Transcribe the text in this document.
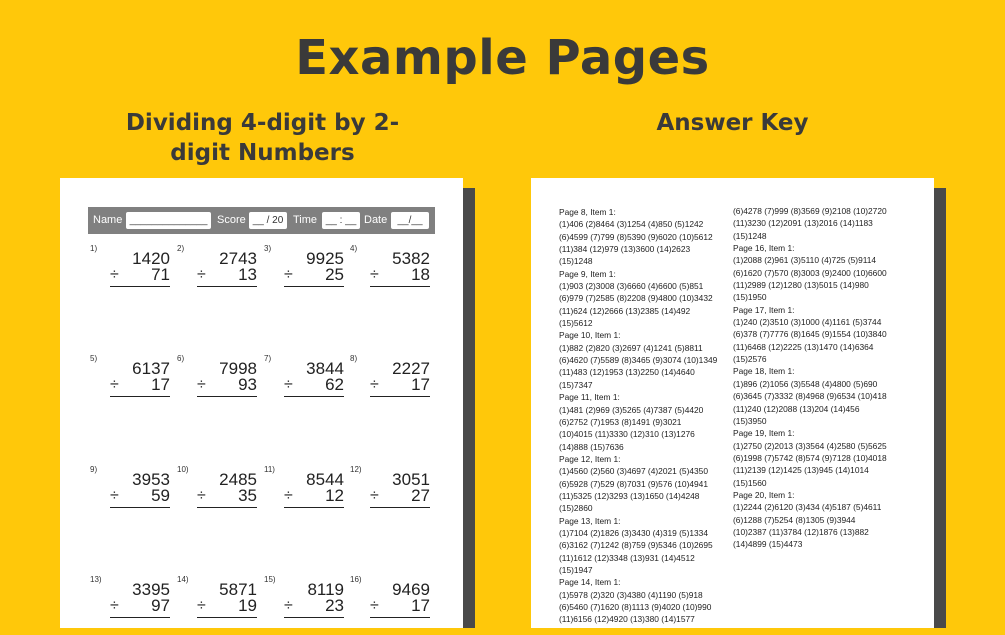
Example Pages
Dividing 4-digit by 2-digit Numbers
Answer Key
Name ______________ Score __ / 20 Time __ : __ Date	__/__
1)
1420
÷ 71
2)
2743
÷ 13
3)
9925
÷ 25
4)
5382
÷ 18
5)
6137
÷ 17
6)
7998
÷ 93
7)
3844
÷ 62
8)
2227
÷ 17
9)
3953
÷ 59
10)
2485
÷ 35
11)
8544
÷ 12
12)
3051
÷ 27
13)
3395
÷ 97
14)
5871
÷ 19
15)
8119
÷ 23
16)
9469
÷ 17
Page 8, Item 1:
(1)406 (2)8464 (3)1254 (4)850 (5)1242
(6)4599 (7)799 (8)5390 (9)6020 (10)5612
(11)384 (12)979 (13)3600 (14)2623
(15)1248
Page 9, Item 1:
(1)903 (2)3008 (3)6660 (4)6600 (5)851
(6)979 (7)2585 (8)2208 (9)4800 (10)3432
(11)624 (12)2666 (13)2385 (14)492
(15)5612
Page 10, Item 1:
(1)882 (2)820 (3)2697 (4)1241 (5)8811
(6)4620 (7)5589 (8)3465 (9)3074 (10)1349
(11)483 (12)1953 (13)2250 (14)4640
(15)7347
Page 11, Item 1:
(1)481 (2)969 (3)5265 (4)7387 (5)4420
(6)2752 (7)1953 (8)1491 (9)3021
(10)4015 (11)3330 (12)310 (13)1276
(14)888 (15)7636
Page 12, Item 1:
(1)4560 (2)560 (3)4697 (4)2021 (5)4350
(6)5928 (7)529 (8)7031 (9)576 (10)4941
(11)5325 (12)3293 (13)1650 (14)4248
(15)2860
Page 13, Item 1:
(1)7104 (2)1826 (3)3430 (4)319 (5)1334
(6)3162 (7)1242 (8)759 (9)5346 (10)2695
(11)1612 (12)3348 (13)931 (14)4512
(15)1947
Page 14, Item 1:
(1)5978 (2)320 (3)4380 (4)1190 (5)918
(6)5460 (7)1620 (8)1113 (9)4020 (10)990
(11)6156 (12)4920 (13)380 (14)1577
(6)4278 (7)999 (8)3569 (9)2108 (10)2720
(11)3230 (12)2091 (13)2016 (14)1183
(15)1248
Page 16, Item 1:
(1)2088 (2)961 (3)5110 (4)725 (5)9114
(6)1620 (7)570 (8)3003 (9)2400 (10)6600
(11)2989 (12)1280 (13)5015 (14)980
(15)1950
Page 17, Item 1:
(1)240 (2)3510 (3)1000 (4)1161 (5)3744
(6)378 (7)7776 (8)1645 (9)1554 (10)3840
(11)6468 (12)2225 (13)1470 (14)6364
(15)2576
Page 18, Item 1:
(1)896 (2)1056 (3)5548 (4)4800 (5)690
(6)3645 (7)3332 (8)4968 (9)6534 (10)418
(11)240 (12)2088 (13)204 (14)456
(15)3950
Page 19, Item 1:
(1)2750 (2)2013 (3)3564 (4)2580 (5)5625
(6)1998 (7)5742 (8)574 (9)7128 (10)4018
(11)2139 (12)1425 (13)945 (14)1014
(15)1560
Page 20, Item 1:
(1)2244 (2)6120 (3)434 (4)5187 (5)4611
(6)1288 (7)5254 (8)1305 (9)3944
(10)2387 (11)3784 (12)1876 (13)882
(14)4899 (15)4473
